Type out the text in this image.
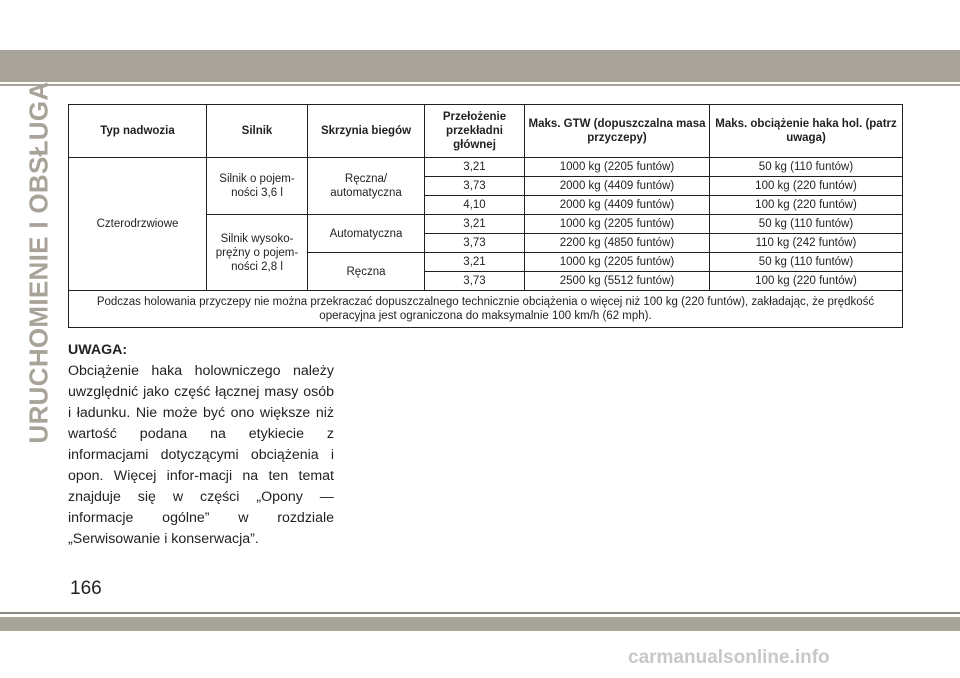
URUCHOMIENIE I OBSŁUGA	Typ nadwozia	Silnik	Skrzynia biegów	Przełożenie przekładni głównej	Maks. GTW (dopuszczalna masa przyczepy)	Maks. obciążenie haka hol. (patrz uwaga)
Czterodrzwiowe	Silnik o pojem-ności 3,6 l	Ręczna/ automatyczna	3,21	1000 kg (2205 funtów)	50 kg (110 funtów)
			3,73	2000 kg (4409 funtów)	100 kg (220 funtów)
			4,10	2000 kg (4409 funtów)	100 kg (220 funtów)
	Silnik wysoko-prężny o pojem-ności 2,8 l	Automatyczna	3,21	1000 kg (2205 funtów)	50 kg (110 funtów)
			3,73	2200 kg (4850 funtów)	110 kg (242 funtów)
		Ręczna	3,21	1000 kg (2205 funtów)	50 kg (110 funtów)
			3,73	2500 kg (5512 funtów)	100 kg (220 funtów)
Podczas holowania przyczepy nie można przekraczać dopuszczalnego technicznie obciążenia o więcej niż 100 kg (220 funtów), zakładając, że prędkość operacyjna jest ograniczona do maksymalnie 100 km/h (62 mph).					

UWAGA:

Obciążenie haka holowniczego należy uwzględnić jako część łącznej masy osób i ładunku. Nie może być ono większe niż wartość podana na etykiecie z informacjami dotyczącymi obciążenia i opon. Więcej infor-macji na ten temat znajduje się w części „Opony — informacje ogólne” w rozdziale „Serwisowanie i konserwacja”.

166
carmanualsonline.info
